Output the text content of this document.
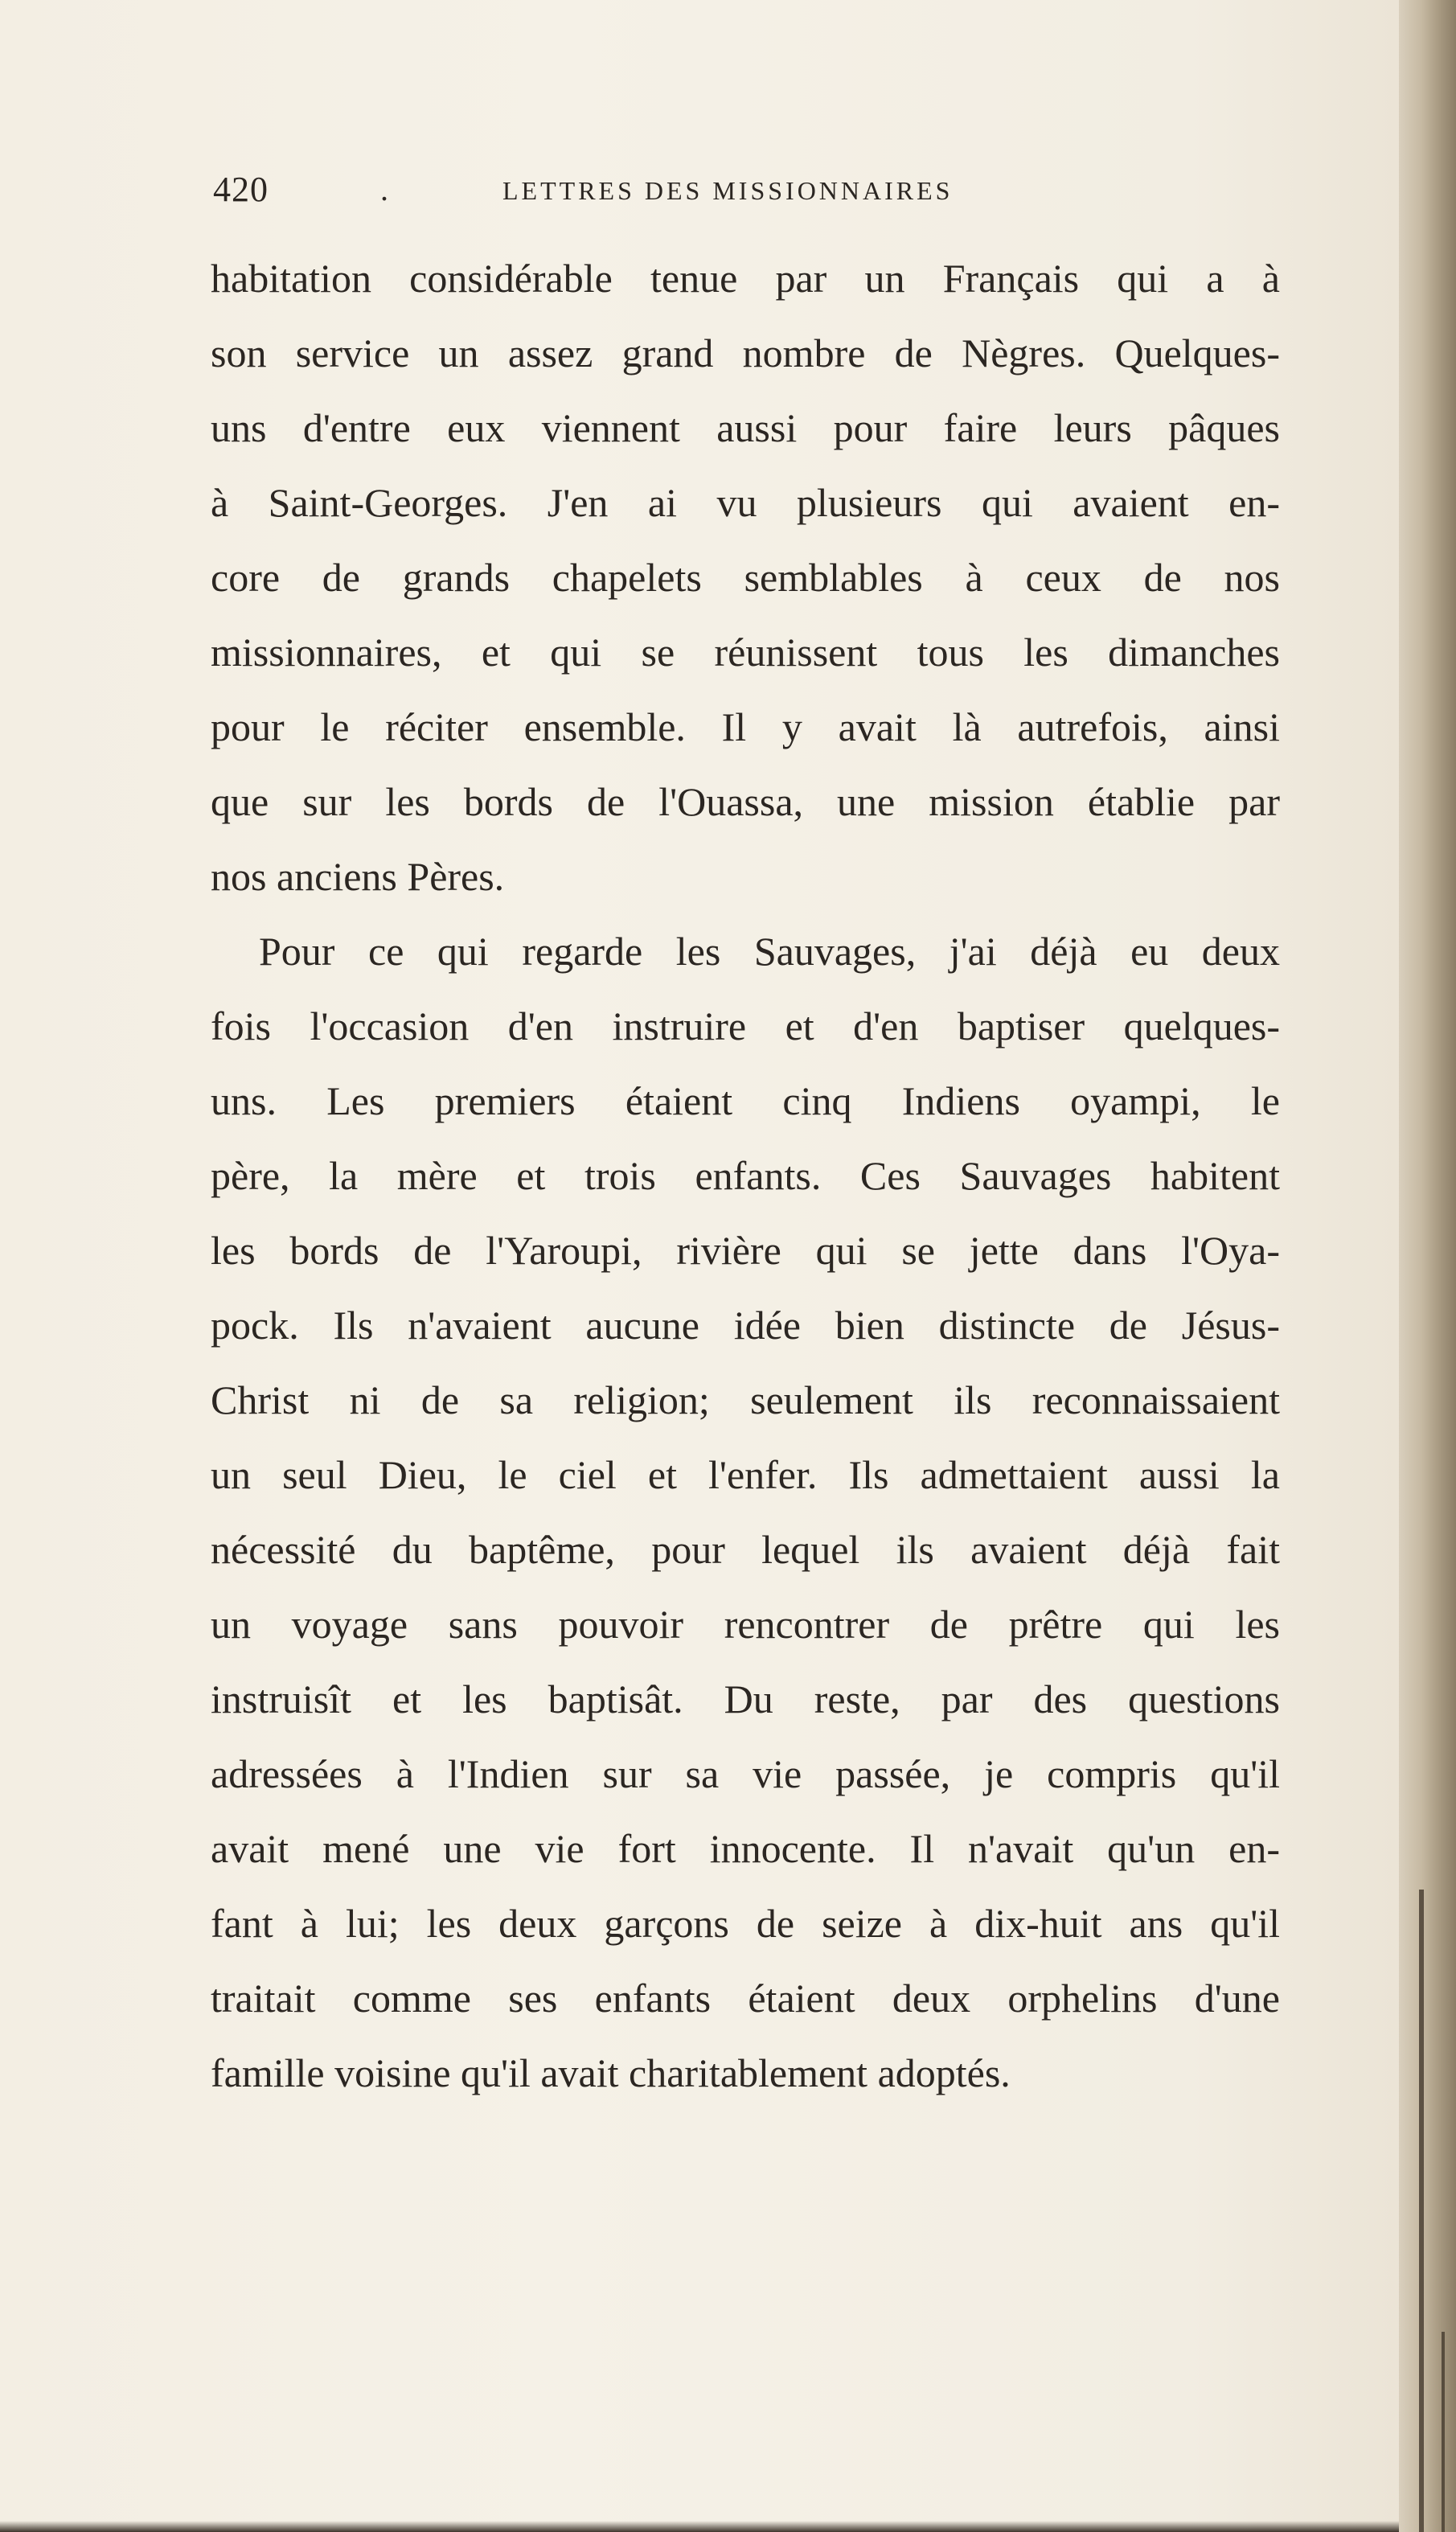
420	.	LETTRES DES MISSIONNAIRES

habitation considérable tenue par un Français qui a à
son service un assez grand nombre de Nègres. Quelques-
uns d'entre eux viennent aussi pour faire leurs pâques
à Saint-Georges. J'en ai vu plusieurs qui avaient en-
core de grands chapelets semblables à ceux de nos
missionnaires, et qui se réunissent tous les dimanches
pour le réciter ensemble. Il y avait là autrefois, ainsi
que sur les bords de l'Ouassa, une mission établie par
nos anciens Pères.

Pour ce qui regarde les Sauvages, j'ai déjà eu deux
fois l'occasion d'en instruire et d'en baptiser quelques-
uns. Les premiers étaient cinq Indiens oyampi, le
père, la mère et trois enfants. Ces Sauvages habitent
les bords de l'Yaroupi, rivière qui se jette dans l'Oya-
pock. Ils n'avaient aucune idée bien distincte de Jésus-
Christ ni de sa religion; seulement ils reconnaissaient
un seul Dieu, le ciel et l'enfer. Ils admettaient aussi la
nécessité du baptême, pour lequel ils avaient déjà fait
un voyage sans pouvoir rencontrer de prêtre qui les
instruisît et les baptisât. Du reste, par des questions
adressées à l'Indien sur sa vie passée, je compris qu'il
avait mené une vie fort innocente. Il n'avait qu'un en-
fant à lui; les deux garçons de seize à dix-huit ans qu'il
traitait comme ses enfants étaient deux orphelins d'une
famille voisine qu'il avait charitablement adoptés.
